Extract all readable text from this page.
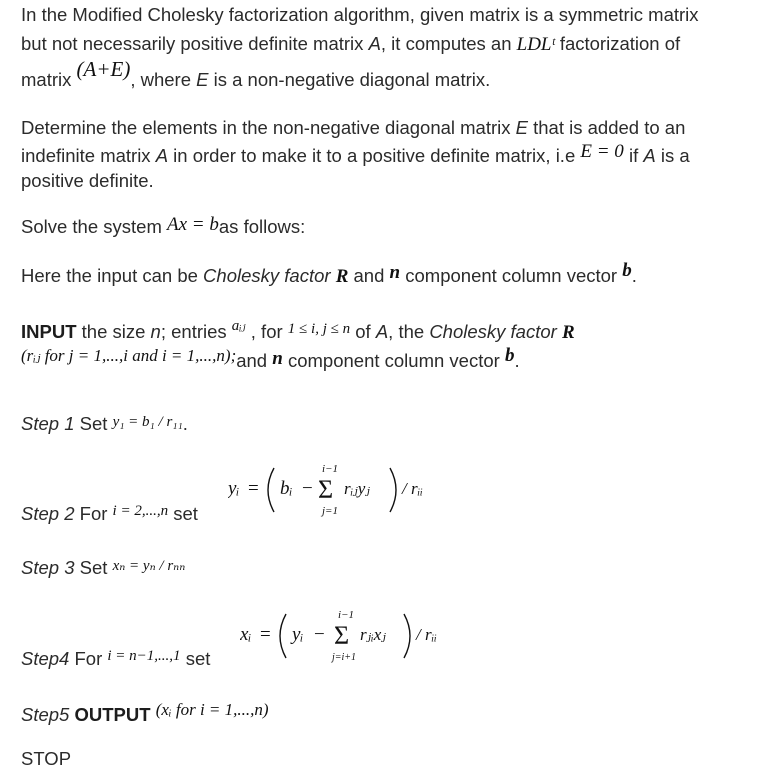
In the Modified Cholesky factorization algorithm, given matrix is a symmetric matrix
but not necessarily positive definite matrix A, it computes an LDLᵗ factorization of
matrix (A+E), where E is a non-negative diagonal matrix.
Determine the elements in the non-negative diagonal matrix E that is added to an
indefinite matrix A in order to make it to a positive definite matrix, i.e E = 0 if A is a
positive definite.
Solve the system Ax = bas follows:
Here the input can be Cholesky factor R and n component column vector b.
INPUT the size n; entries $^{aᵢⱼ}$ , for $^{1 \le i, j \le n}$ of A, the Cholesky factor R
(rᵢⱼ for j = 1,...,i and i = 1,...,n);and n component column vector b.
Step 1 Set $^{y_1 = b_1 / r_{11}}$.
yᵢ = bᵢ −
i−1
Σ
j=1
rᵢⱼyⱼ / rᵢᵢ
Step 2 For $^{i = 2,...,n}$ set
Step 3 Set $^{x_n = y_n / r_{nn}}$
xᵢ = yᵢ −
i−1
Σ
j=i+1
rⱼᵢxⱼ / rᵢᵢ
Step4 For $^{i = n-1,...,1}$ set
Step5 OUTPUT (xᵢ for i = 1,...,n)
STOP
